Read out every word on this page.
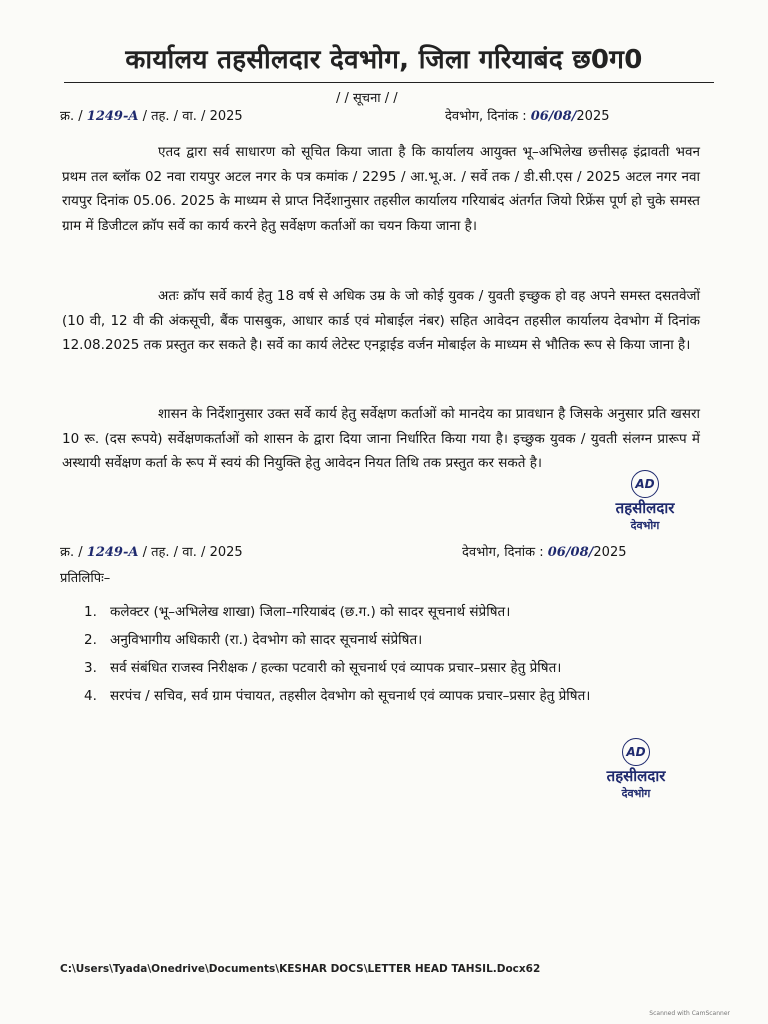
कार्यालय तहसीलदार देवभोग, जिला गरियाबंद छ0ग0
/ / सूचना / /
क्र. / 1249-A / तह. / वा. / 2025	देवभोग, दिनांक : 06/08/2025
एतद द्वारा सर्व साधारण को सूचित किया जाता है कि कार्यालय आयुक्त भू–अभिलेख छत्तीसढ़ इंद्रावती भवन प्रथम तल ब्लॉक 02 नवा रायपुर अटल नगर के पत्र कमांक / 2295 / आ.भू.अ. / सर्वे तक / डी.सी.एस / 2025 अटल नगर नवा रायपुर दिनांक 05.06. 2025 के माध्यम से प्राप्त निर्देशानुसार तहसील कार्यालय गरियाबंद अंतर्गत जियो रिफ्रेंस पूर्ण हो चुके समस्त ग्राम में डिजीटल क्रॉप सर्वे का कार्य करने हेतु सर्वेक्षण कर्ताओं का चयन किया जाना है।
अतः क्रॉप सर्वे कार्य हेतु 18 वर्ष से अधिक उम्र के जो कोई युवक / युवती इच्छुक हो वह अपने समस्त दसतवेजों (10 वी, 12 वी की अंकसूची, बैंक पासबुक, आधार कार्ड एवं मोबाईल नंबर) सहित आवेदन तहसील कार्यालय देवभोग में दिनांक 12.08.2025 तक प्रस्तुत कर सकते है। सर्वे का कार्य लेटेस्ट एनड्राईड वर्जन मोबाईल के माध्यम से भौतिक रूप से किया जाना है।
शासन के निर्देशानुसार उक्त सर्वे कार्य हेतु सर्वेक्षण कर्ताओं को मानदेय का प्रावधान है जिसके अनुसार प्रति खसरा 10 रू. (दस रूपये) सर्वेक्षणकर्ताओं को शासन के द्वारा दिया जाना निर्धारित किया गया है। इच्छुक युवक / युवती संलग्न प्रारूप में अस्थायी सर्वेक्षण कर्ता के रूप में स्वयं की नियुक्ति हेतु आवेदन नियत तिथि तक प्रस्तुत कर सकते है।
AD
तहसीलदार
देवभोग
क्र. / 1249-A / तह. / वा. / 2025	देवभोग, दिनांक : 06/08/2025
प्रतिलिपिः–
1. कलेक्टर (भू–अभिलेख शाखा) जिला–गरियाबंद (छ.ग.) को सादर सूचनार्थ संप्रेषित।
2. अनुविभागीय अधिकारी (रा.) देवभोग को सादर सूचनार्थ संप्रेषित।
3. सर्व संबंधित राजस्व निरीक्षक / हल्का पटवारी को सूचनार्थ एवं व्यापक प्रचार–प्रसार हेतु प्रेषित।
4. सरपंच / सचिव, सर्व ग्राम पंचायत, तहसील देवभोग को सूचनार्थ एवं व्यापक प्रचार–प्रसार हेतु प्रेषित।
AD
तहसीलदार
देवभोग
C:\Users\Tyada\Onedrive\Documents\KESHAR DOCS\LETTER HEAD TAHSIL.Docx62
Scanned with CamScanner
